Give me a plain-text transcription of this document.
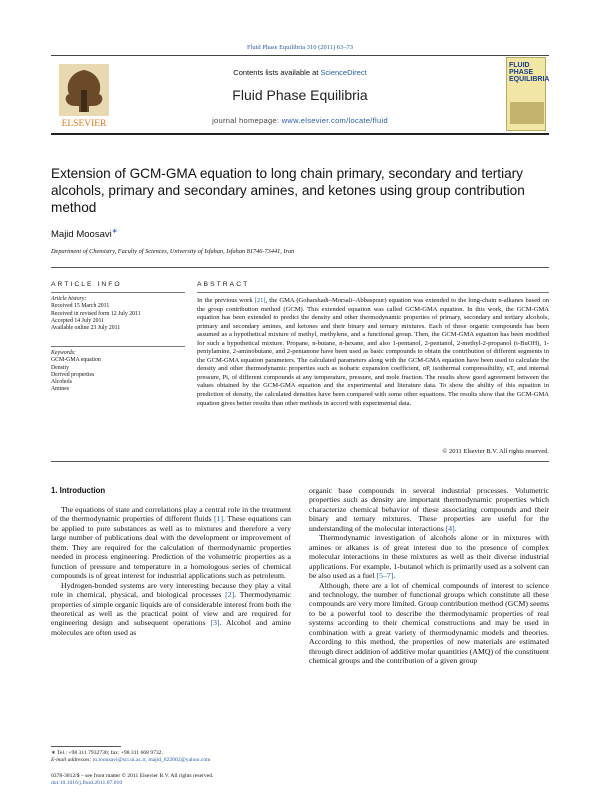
Fluid Phase Equilibria 310 (2011) 63–73
ELSEVIER
Contents lists available at ScienceDirect
Fluid Phase Equilibria
journal homepage: www.elsevier.com/locate/fluid
FLUID PHASE EQUILIBRIA
Extension of GCM-GMA equation to long chain primary, secondary and tertiary alcohols, primary and secondary amines, and ketones using group contribution method
Majid Moosavi∗
Department of Chemistry, Faculty of Sciences, University of Isfahan, Isfahan 81746-73441, Iran
ARTICLE INFO	ABSTRACT
Article history:
Received 15 March 2011
Received in revised form 12 July 2011
Accepted 14 July 2011
Available online 23 July 2011
Keywords:
GCM-GMA equation
Density
Derived properties
Alcohols
Amines
In the previous work [21], the GMA (Goharshadi–Morsali–Abbaspour) equation was extended to the long-chain n-alkanes based on the group contribution method (GCM). This extended equation was called GCM-GMA equation. In this work, the GCM-GMA equation has been extended to predict the density and other thermodynamic properties of primary, secondary and tertiary alcohols, primary and secondary amines, and ketones and their binary and ternary mixtures. Each of these organic compounds has been assumed as a hypothetical mixture of methyl, methylene, and a functional group. Then, the GCM-GMA equation has been modified for such a hypothetical mixture. Propane, n-butane, n-hexane, and also 1-pentanol, 2-pentanol, 2-methyl-2-propanol (t-BuOH), 1-pentylamine, 2-aminobutane, and 2-pentanone have been used as basic compounds to obtain the contribution of different segments in the GCM-GMA equation parameters. The calculated parameters along with the GCM-GMA equation have been used to calculate the density and other thermodynamic properties such as isobaric expansion coefficient, αP, isothermal compressibility, κT, and internal pressure, Pi, of different compounds at any temperature, pressure, and mole fraction. The results show good agreement between the values obtained by the GCM-GMA equation and the experimental and literature data. To show the ability of this equation in prediction of density, the calculated densities have been compared with some other equations. The results show that the GCM-GMA equation gives better results than other methods in accord with experimental data.
© 2011 Elsevier B.V. All rights reserved.
1. Introduction

The equations of state and correlations play a central role in the treatment of the thermodynamic properties of different fluids [1]. These equations can be applied to pure substances as well as to mixtures and therefore a very large number of publications deal with the development or improvement of them. They are required for the calculation of thermodynamic properties needed in process engineering. Prediction of the volumetric properties as a function of pressure and temperature in a homologous series of chemical compounds is of great interest for industrial applications such as petroleum.

Hydrogen-bonded systems are very interesting because they play a vital role in chemical, physical, and biological processes [2]. Thermodynamic properties of simple organic liquids are of considerable interest from both the theoretical as well as the practical point of view and are required for engineering design and subsequent operations [3]. Alcohol and amine molecules are often used as

organic base compounds in several industrial processes. Volumetric properties such as density are important thermodynamic properties which characterize chemical behavior of these associating compounds and their binary and ternary mixtures. These properties are useful for the understanding of the molecular interactions [4].

Thermodynamic investigation of alcohols alone or in mixtures with amines or alkanes is of great interest due to the presence of complex molecular interactions in these mixtures as well as their diverse industrial applications. For example, 1-butanol which is primarily used as a solvent can be also used as a fuel [5–7].

Although, there are a lot of chemical compounds of interest to science and technology, the number of functional groups which constitute all these compounds are very more limited. Group contribution method (GCM) seems to be a powerful tool to describe the thermodynamic properties of real systems according to their chemical constructions and may be used in combination with a great variety of thermodynamic models and theories. According to this method, the properties of new materials are estimated through direct addition of additive molar quantities (AMQ) of the constituent chemical groups and the contribution of a given group

∗ Tel.: +98 311 7932730; fax: +98 311 668 9732.
E-mail addresses: m.mousavi@sci.ui.ac.ir, majid_822002@yahoo.com
0378-3812/$ – see front matter © 2011 Elsevier B.V. All rights reserved.
doi:10.1016/j.fluid.2011.07.010
